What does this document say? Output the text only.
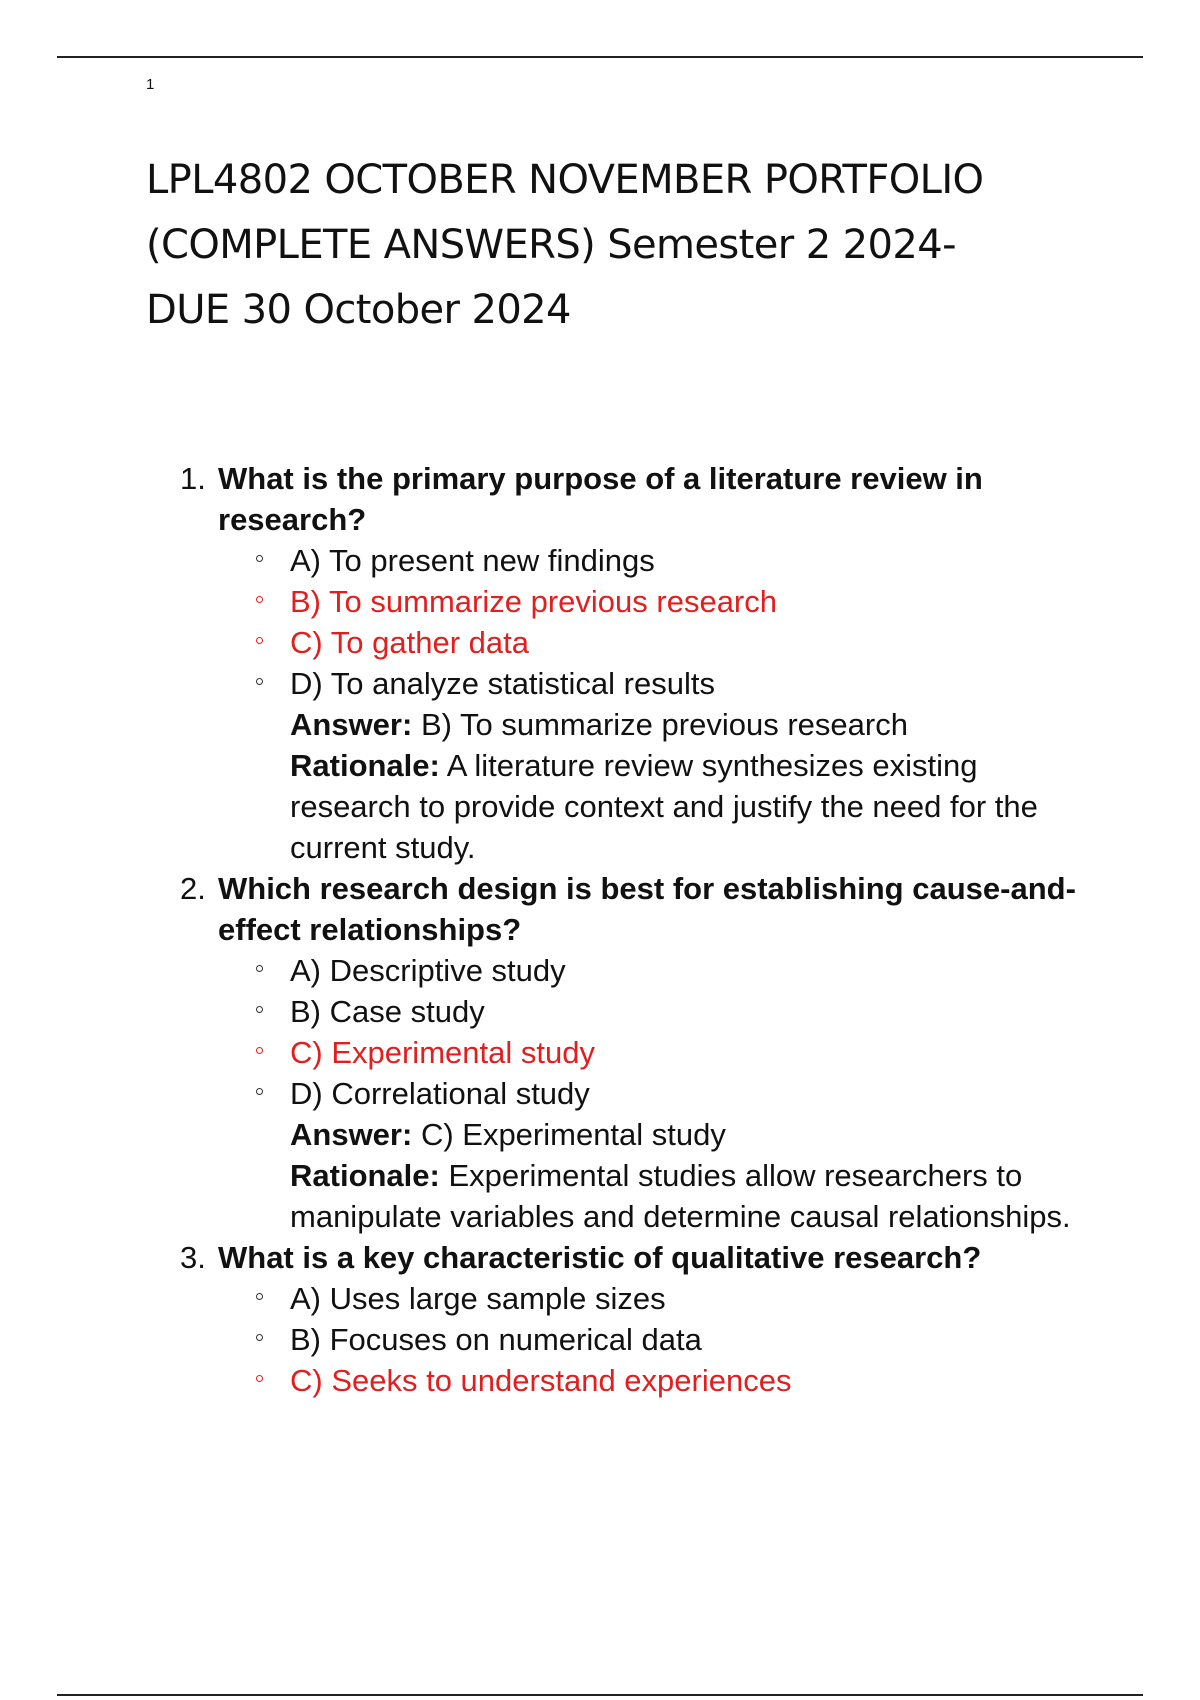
1
LPL4802 OCTOBER NOVEMBER PORTFOLIO
(COMPLETE ANSWERS) Semester 2 2024-
DUE 30 October 2024
1. What is the primary purpose of a literature review in research?

A) To present new findings
B) To summarize previous research
C) To gather data
D) To analyze statistical results
Answer: B) To summarize previous research
Rationale: A literature review synthesizes existing research to provide context and justify the need for the current study.
2. Which research design is best for establishing cause-and-effect relationships?

A) Descriptive study
B) Case study
C) Experimental study
D) Correlational study
Answer: C) Experimental study
Rationale: Experimental studies allow researchers to manipulate variables and determine causal relationships.
3. What is a key characteristic of qualitative research?

A) Uses large sample sizes
B) Focuses on numerical data
C) Seeks to understand experiences
